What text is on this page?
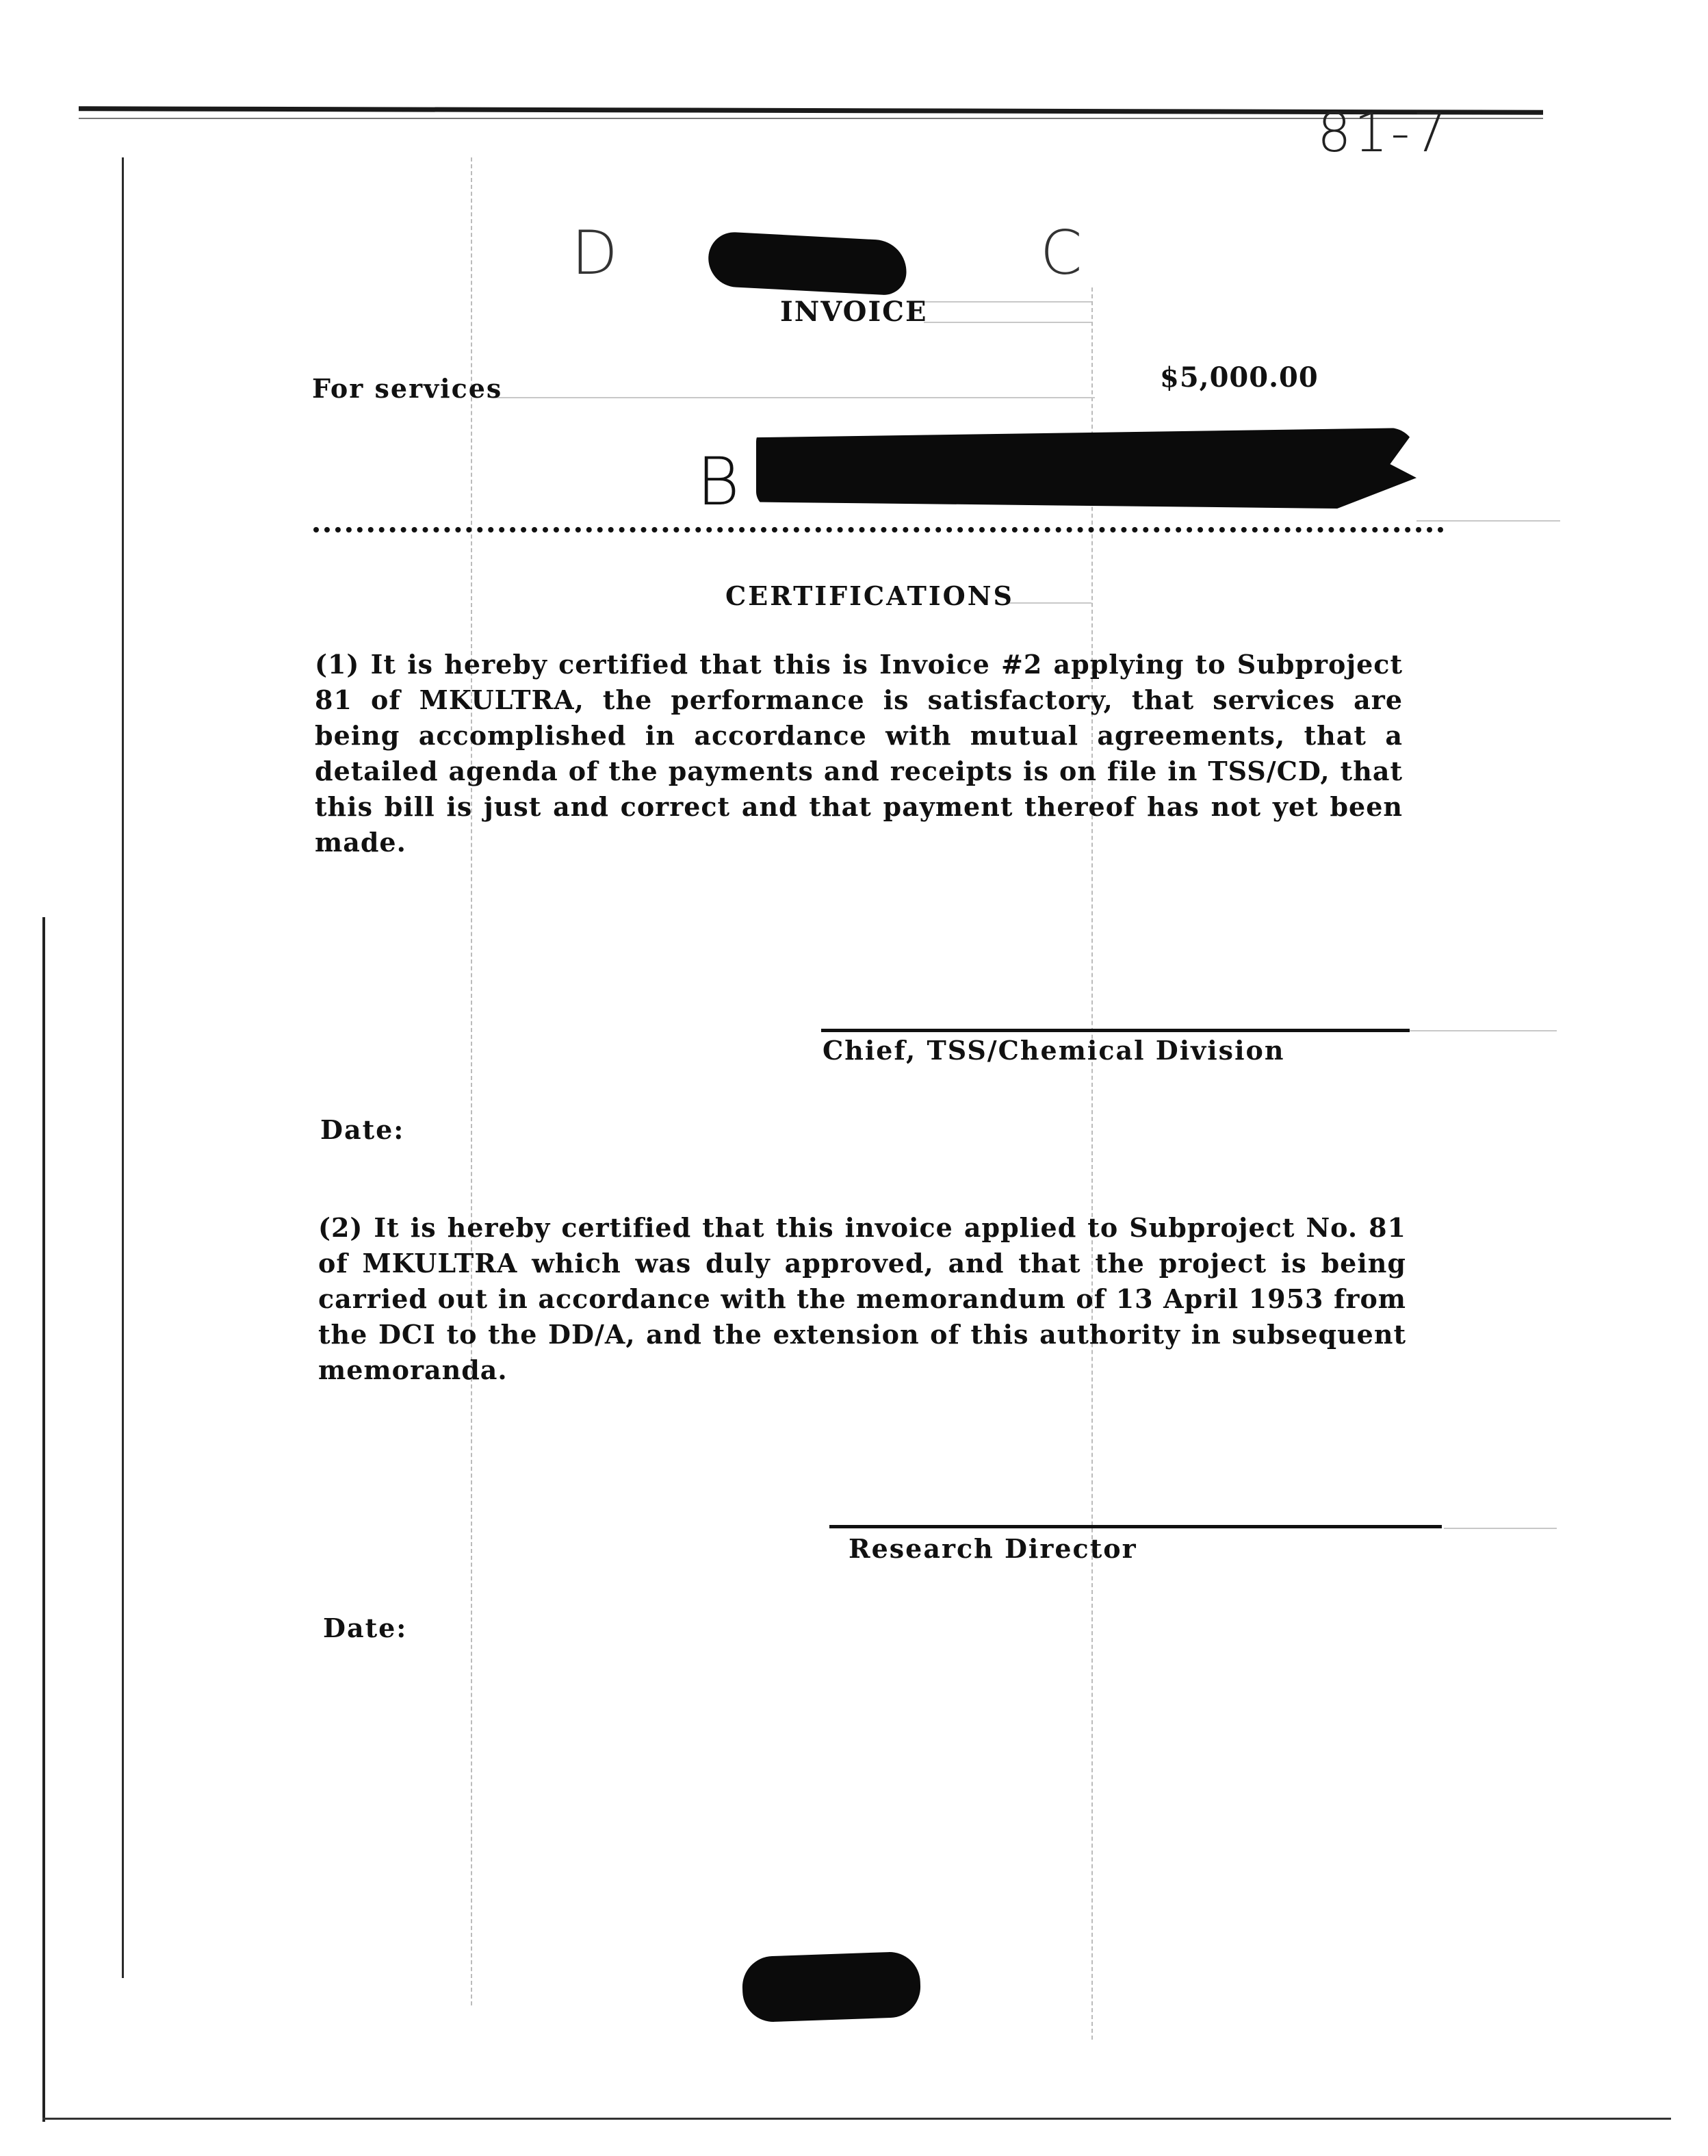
81-7
D	C
B
INVOICE
For services	$5,000.00
CERTIFICATIONS
(1) It is hereby certified that this is Invoice #2 applying to Subproject 81 of MKULTRA, the performance is satisfactory, that services are being accomplished in accordance with mutual agreements, that a detailed agenda of the payments and receipts is on file in TSS/CD, that this bill is just and correct and that payment thereof has not yet been made.
Chief, TSS/Chemical Division
Date:
(2) It is hereby certified that this invoice applied to Subproject No. 81 of MKULTRA which was duly approved, and that the project is being carried out in accordance with the memorandum of 13 April 1953 from the DCI to the DD/A, and the extension of this authority in subsequent memoranda.
Research Director
Date:
